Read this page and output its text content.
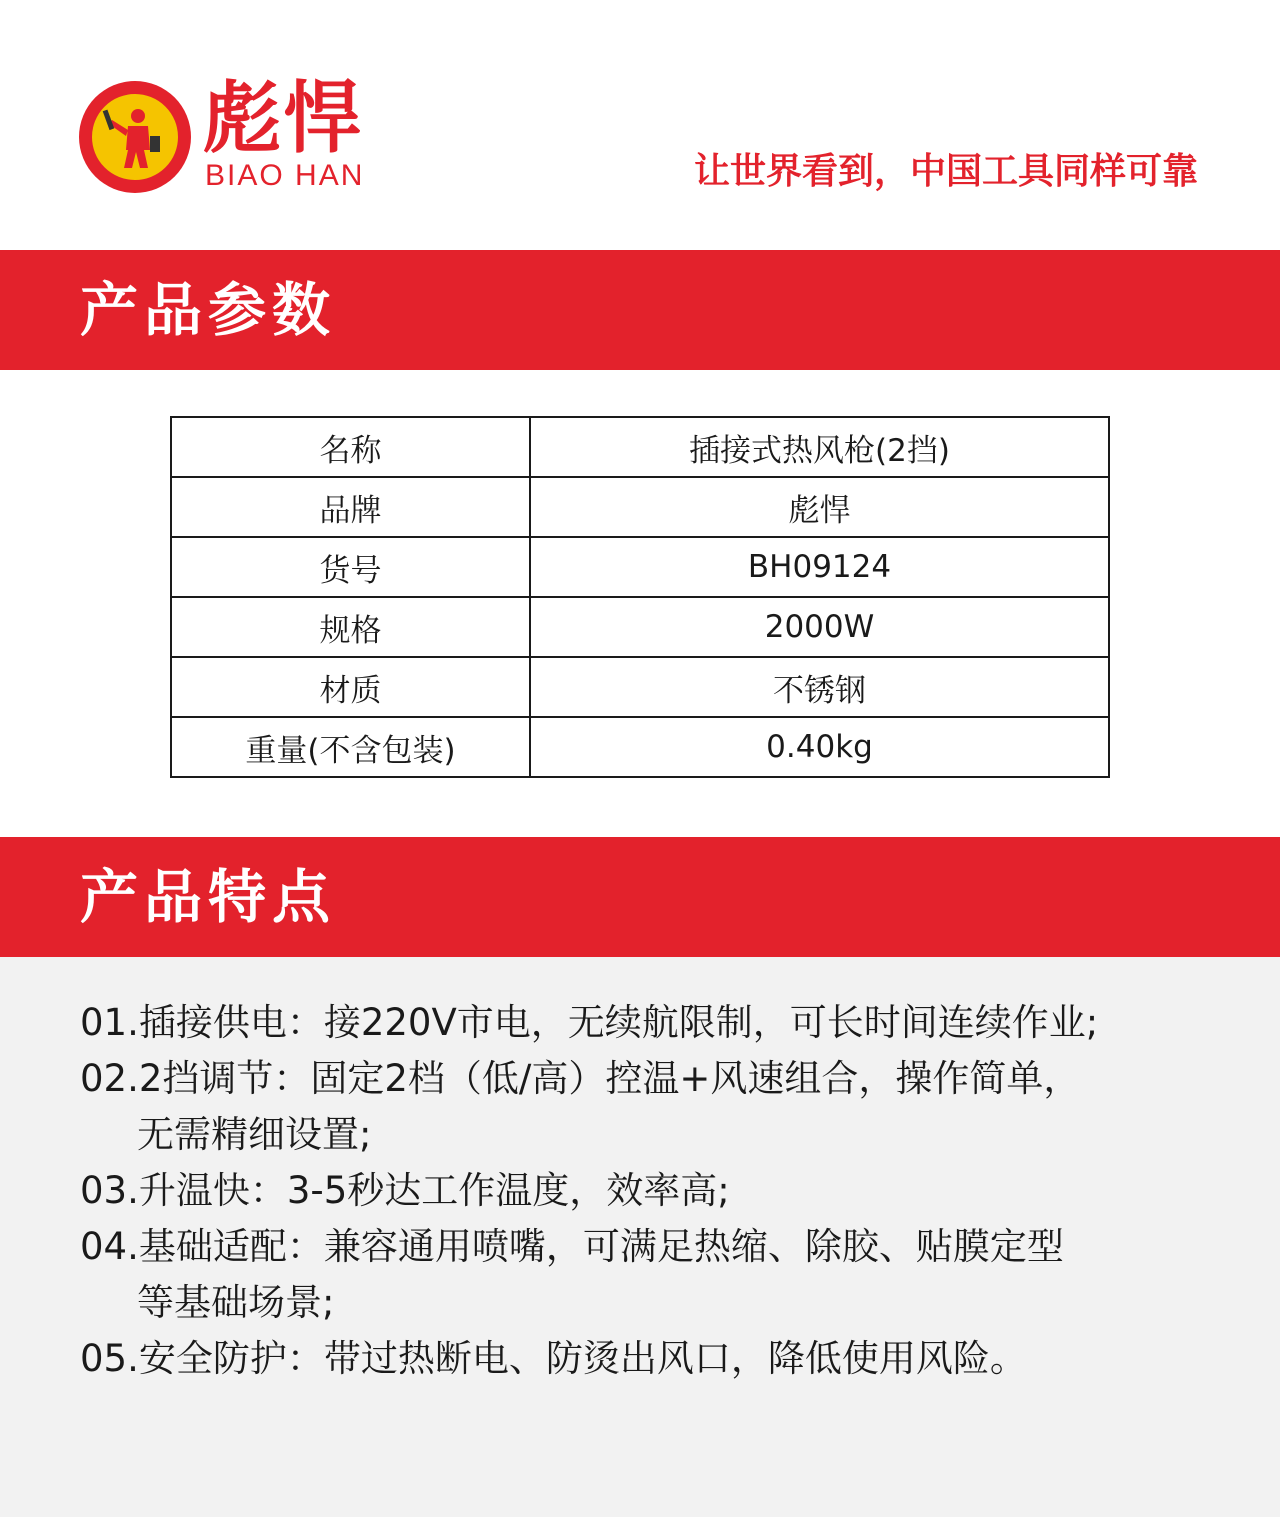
彪悍
BIAO HAN	让世界看到，中国工具同样可靠
产品参数
名称	插接式热风枪(2挡)
品牌	彪悍
货号	BH09124
规格	2000W
材质	不锈钢
重量(不含包装)	0.40kg
产品特点
01.插接供电：接220V市电，无续航限制，可长时间连续作业;
02.2挡调节：固定2档（低/高）控温+风速组合，操作简单，
无需精细设置;
03.升温快：3-5秒达工作温度，效率高;
04.基础适配：兼容通用喷嘴，可满足热缩、除胶、贴膜定型
等基础场景;
05.安全防护：带过热断电、防烫出风口，降低使用风险。
